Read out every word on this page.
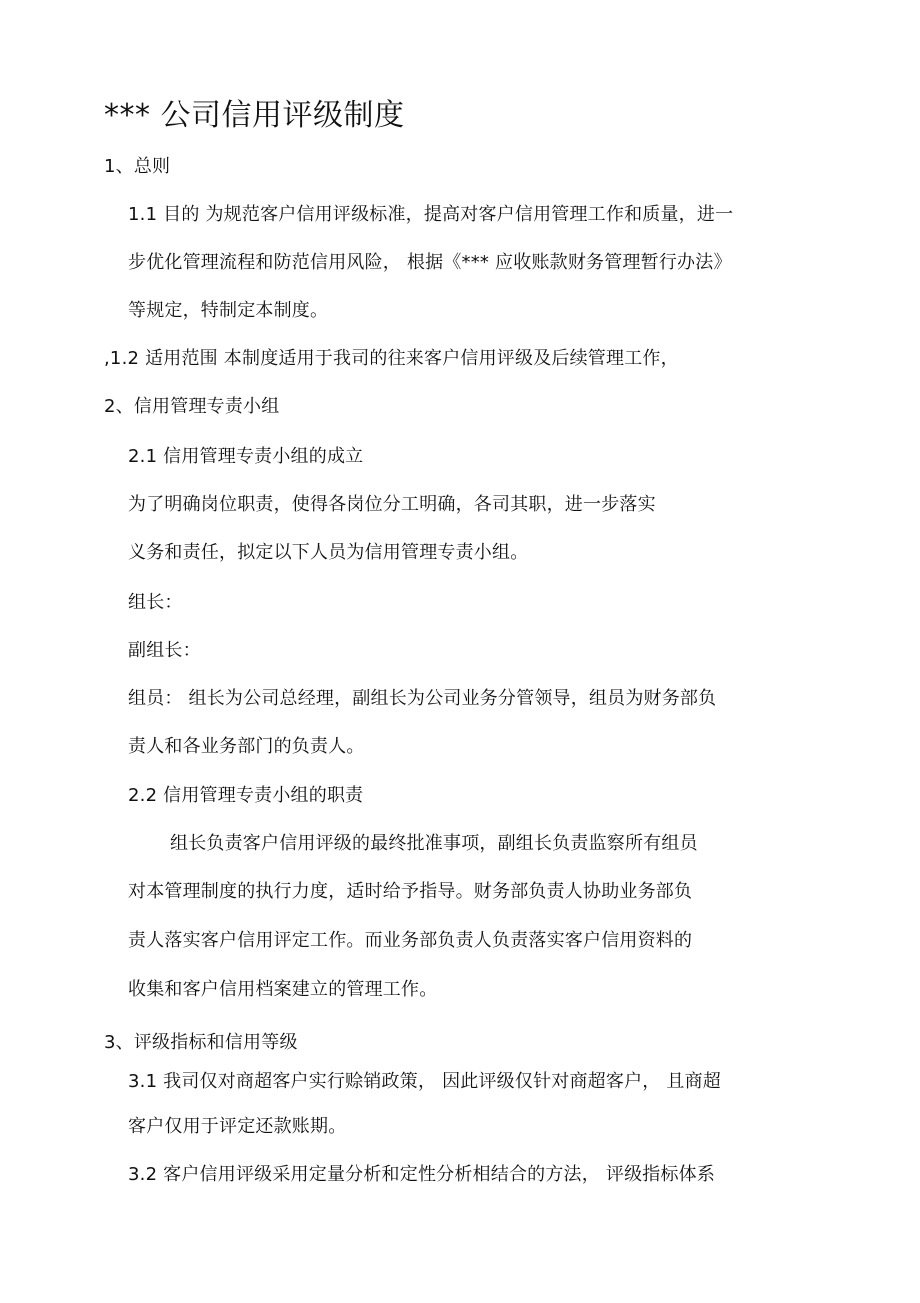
*** 公司信用评级制度
1、总则
1.1 目的 为规范客户信用评级标准，提高对客户信用管理工作和质量，进一
步优化管理流程和防范信用风险， 根据《*** 应收账款财务管理暂行办法》
等规定，特制定本制度。
,1.2 适用范围 本制度适用于我司的往来客户信用评级及后续管理工作，
2、信用管理专责小组
2.1 信用管理专责小组的成立
为了明确岗位职责，使得各岗位分工明确，各司其职，进一步落实
义务和责任，拟定以下人员为信用管理专责小组。
组长：
副组长：
组员： 组长为公司总经理，副组长为公司业务分管领导，组员为财务部负
责人和各业务部门的负责人。
2.2 信用管理专责小组的职责
组长负责客户信用评级的最终批准事项，副组长负责监察所有组员
对本管理制度的执行力度，适时给予指导。财务部负责人协助业务部负
责人落实客户信用评定工作。而业务部负责人负责落实客户信用资料的
收集和客户信用档案建立的管理工作。
3、评级指标和信用等级
3.1 我司仅对商超客户实行赊销政策， 因此评级仅针对商超客户， 且商超
客户仅用于评定还款账期。
3.2 客户信用评级采用定量分析和定性分析相结合的方法， 评级指标体系
